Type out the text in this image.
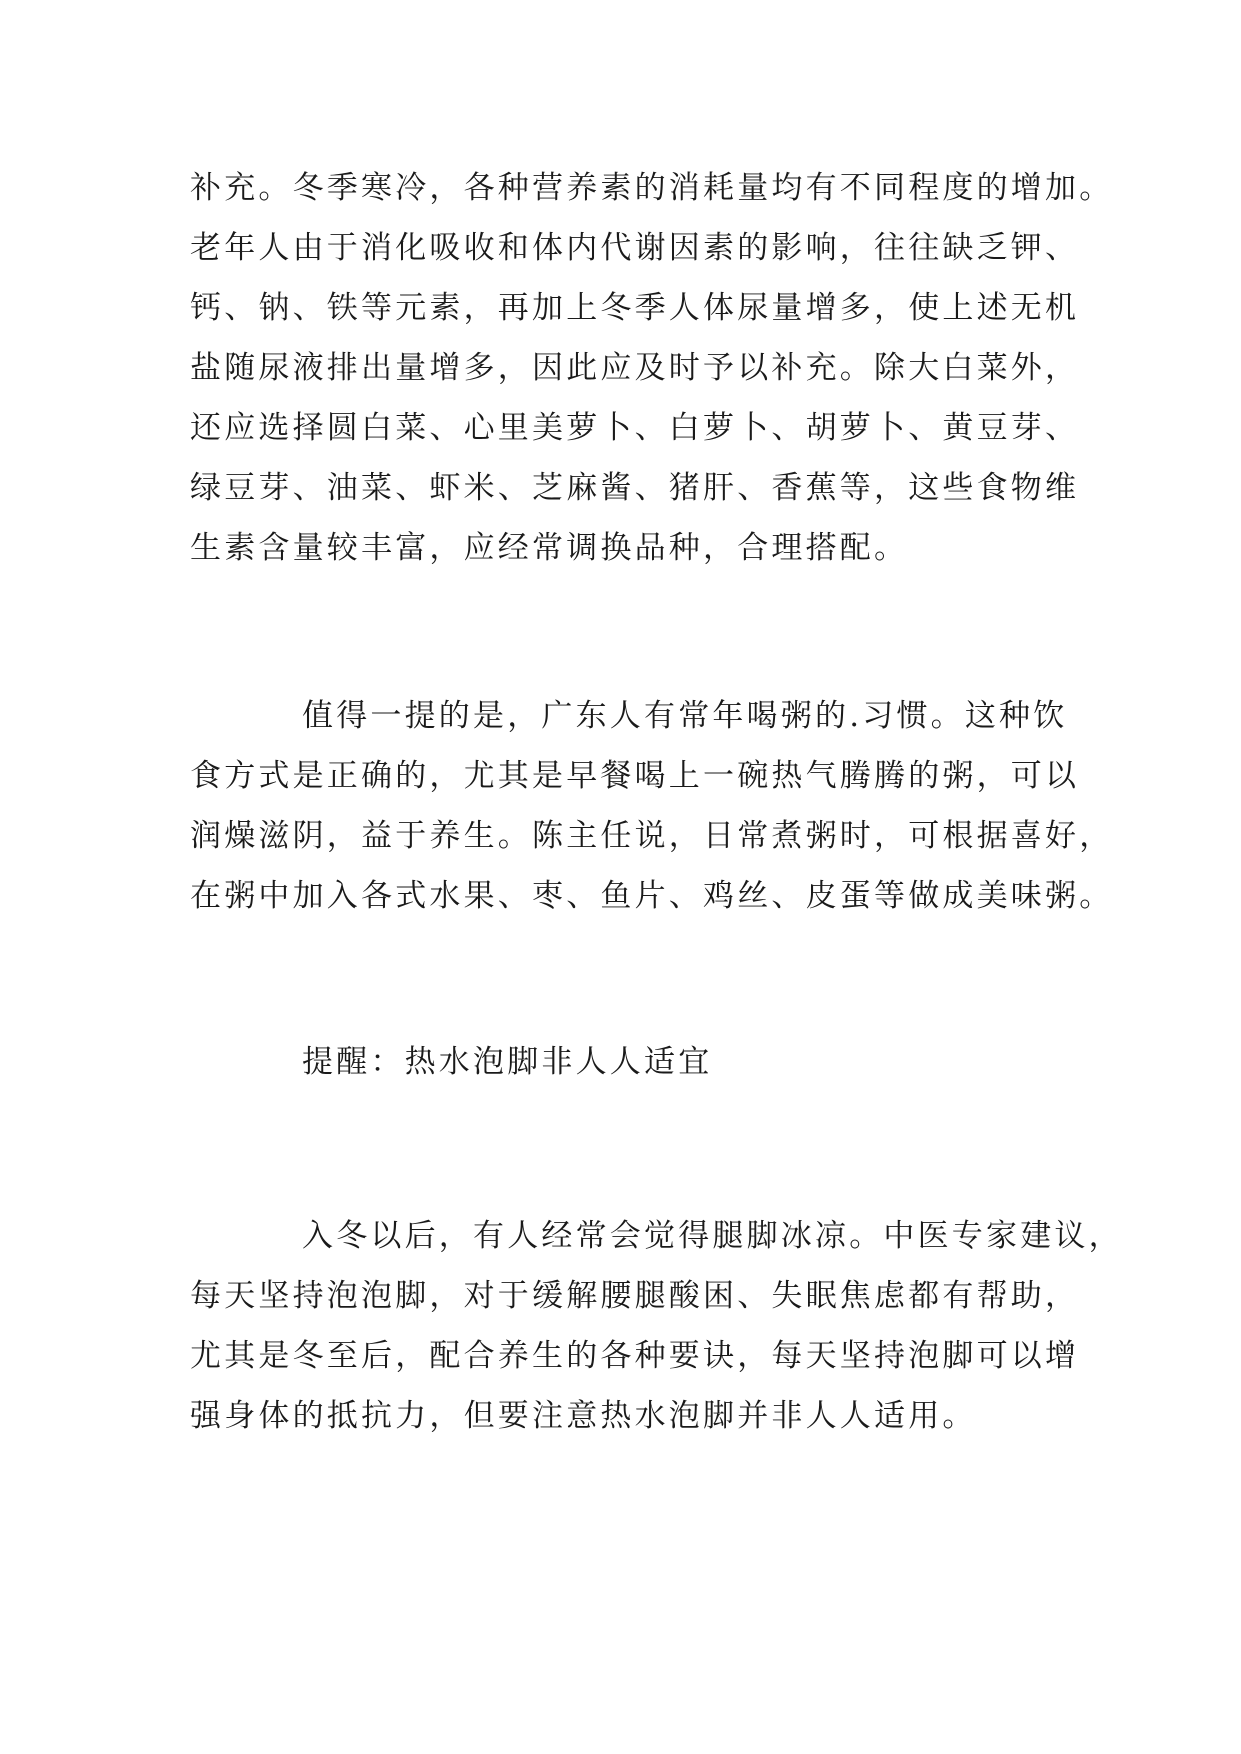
补充。冬季寒冷，各种营养素的消耗量均有不同程度的增加。
老年人由于消化吸收和体内代谢因素的影响，往往缺乏钾、
钙、钠、铁等元素，再加上冬季人体尿量增多，使上述无机
盐随尿液排出量增多，因此应及时予以补充。除大白菜外，
还应选择圆白菜、心里美萝卜、白萝卜、胡萝卜、黄豆芽、
绿豆芽、油菜、虾米、芝麻酱、猪肝、香蕉等，这些食物维
生素含量较丰富，应经常调换品种，合理搭配。
值得一提的是，广东人有常年喝粥的.习惯。这种饮
食方式是正确的，尤其是早餐喝上一碗热气腾腾的粥，可以
润燥滋阴，益于养生。陈主任说，日常煮粥时，可根据喜好，
在粥中加入各式水果、枣、鱼片、鸡丝、皮蛋等做成美味粥。
提醒：热水泡脚非人人适宜
入冬以后，有人经常会觉得腿脚冰凉。中医专家建议，
每天坚持泡泡脚，对于缓解腰腿酸困、失眠焦虑都有帮助，
尤其是冬至后，配合养生的各种要诀，每天坚持泡脚可以增
强身体的抵抗力，但要注意热水泡脚并非人人适用。
